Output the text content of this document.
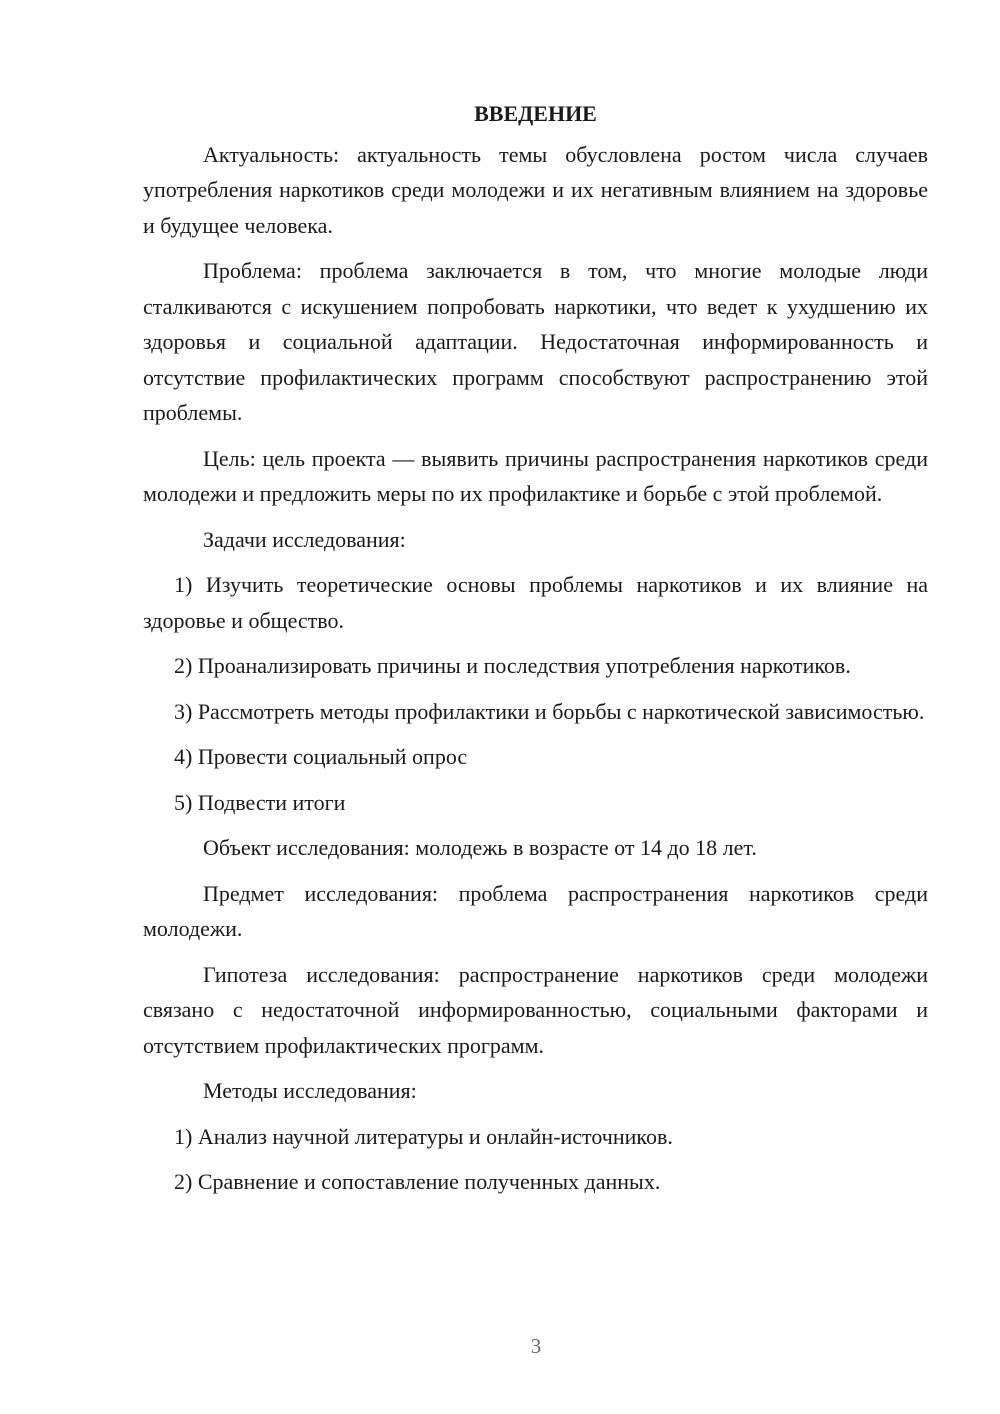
ВВЕДЕНИЕ

Актуальность: актуальность темы обусловлена ростом числа случаев употребления наркотиков среди молодежи и их негативным влиянием на здоровье и будущее человека.

Проблема: проблема заключается в том, что многие молодые люди сталкиваются с искушением попробовать наркотики, что ведет к ухудшению их здоровья и социальной адаптации. Недостаточная информированность и отсутствие профилактических программ способствуют распространению этой проблемы.

Цель: цель проекта — выявить причины распространения наркотиков среди молодежи и предложить меры по их профилактике и борьбе с этой проблемой.

Задачи исследования:

1) Изучить теоретические основы проблемы наркотиков и их влияние на здоровье и общество.

2) Проанализировать причины и последствия употребления наркотиков.

3) Рассмотреть методы профилактики и борьбы с наркотической зависимостью.

4) Провести социальный опрос

5) Подвести итоги

Объект исследования: молодежь в возрасте от 14 до 18 лет.

Предмет исследования: проблема распространения наркотиков среди молодежи.

Гипотеза исследования: распространение наркотиков среди молодежи связано с недостаточной информированностью, социальными факторами и отсутствием профилактических программ.

Методы исследования:

1) Анализ научной литературы и онлайн-источников.

2) Сравнение и сопоставление полученных данных.

3
